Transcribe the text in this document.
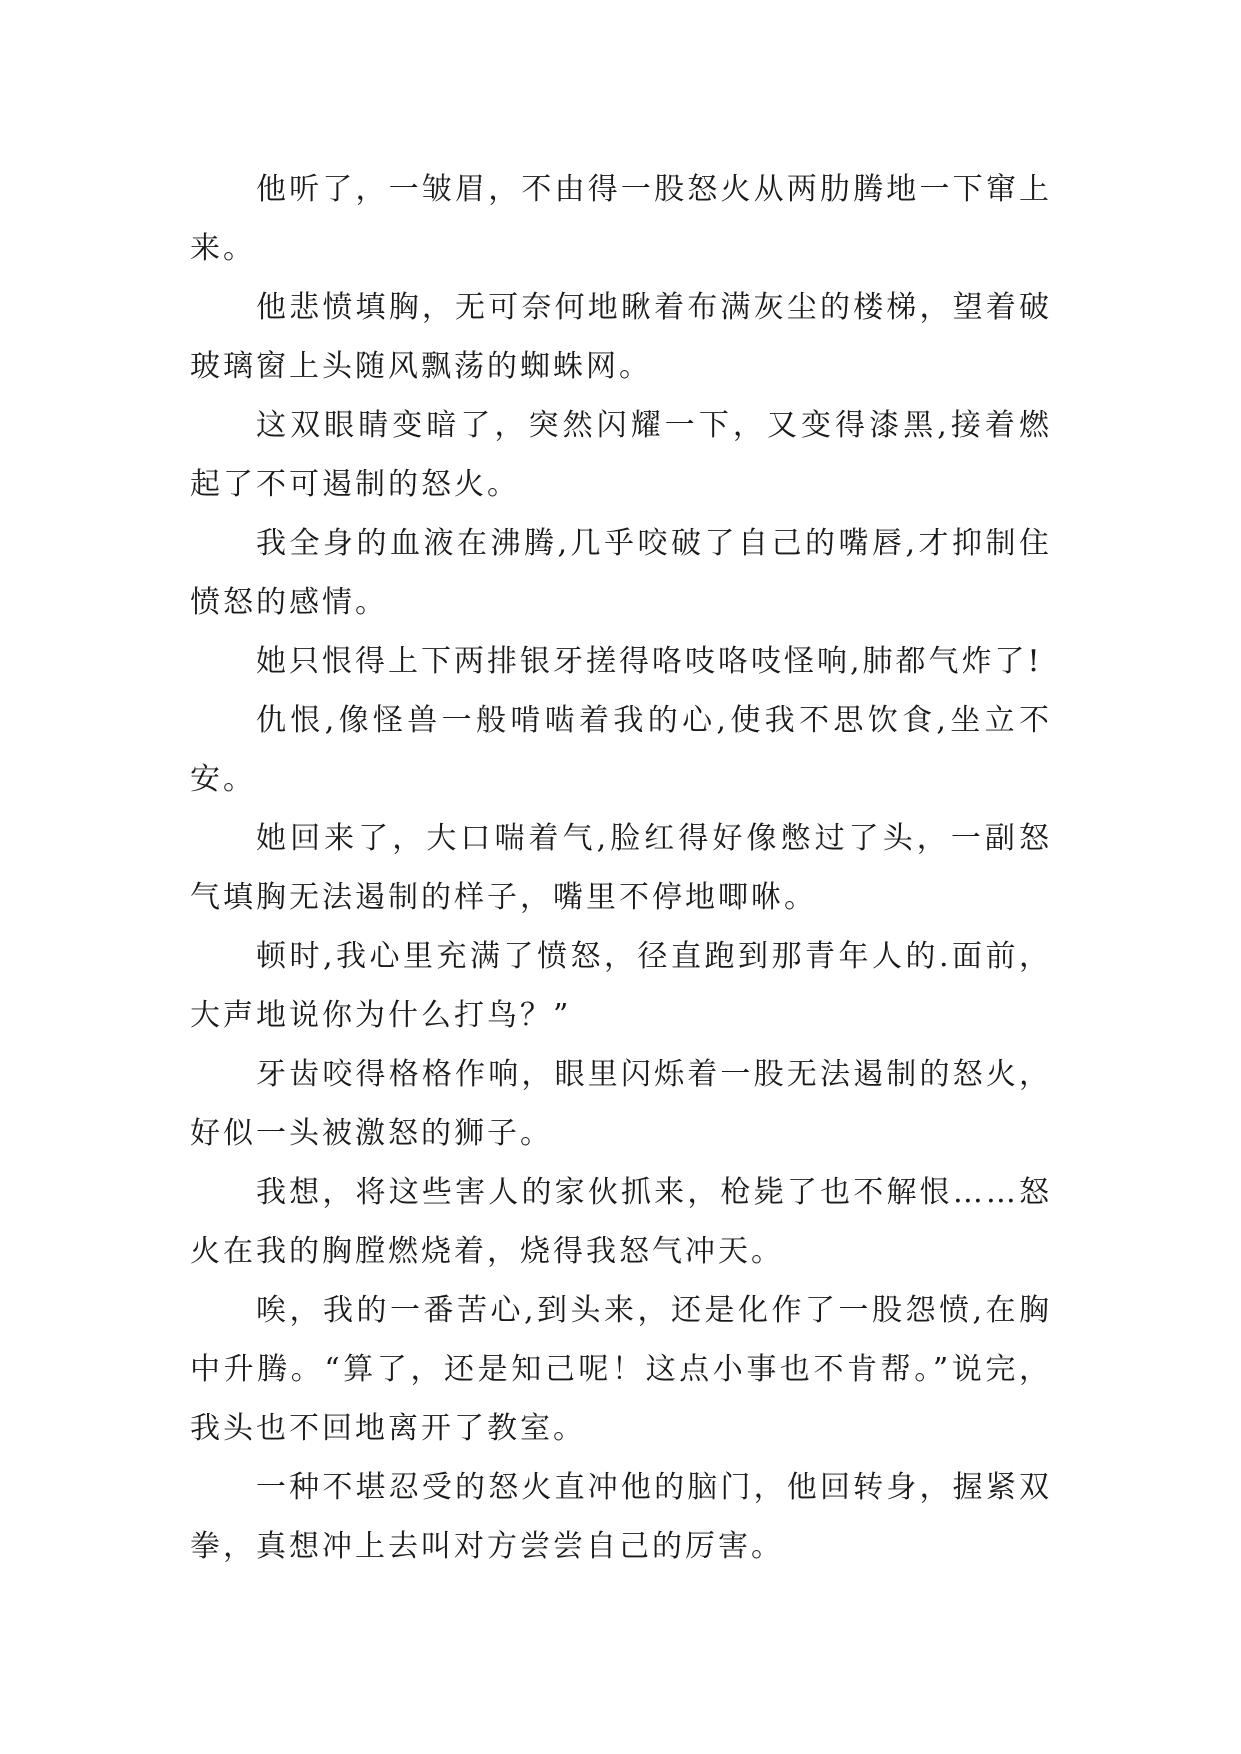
他听了，一皱眉，不由得一股怒火从两肋腾地一下窜上来。

他悲愤填胸，无可奈何地瞅着布满灰尘的楼梯，望着破玻璃窗上头随风飘荡的蜘蛛网。

这双眼睛变暗了，突然闪耀一下，又变得漆黑,接着燃起了不可遏制的怒火。

我全身的血液在沸腾,几乎咬破了自己的嘴唇,才抑制住愤怒的感情。

她只恨得上下两排银牙搓得咯吱咯吱怪响,肺都气炸了!

仇恨,像怪兽一般啃啮着我的心,使我不思饮食,坐立不安。

她回来了，大口喘着气,脸红得好像憋过了头，一副怒气填胸无法遏制的样子，嘴里不停地唧咻。

顿时,我心里充满了愤怒，径直跑到那青年人的.面前，大声地说你为什么打鸟？”

牙齿咬得格格作响，眼里闪烁着一股无法遏制的怒火，好似一头被激怒的狮子。

我想，将这些害人的家伙抓来，枪毙了也不解恨……怒火在我的胸膛燃烧着，烧得我怒气冲天。

唉，我的一番苦心,到头来，还是化作了一股怨愤,在胸中升腾。“算了，还是知己呢！这点小事也不肯帮。”说完，我头也不回地离开了教室。

一种不堪忍受的怒火直冲他的脑门，他回转身，握紧双拳，真想冲上去叫对方尝尝自己的厉害。
